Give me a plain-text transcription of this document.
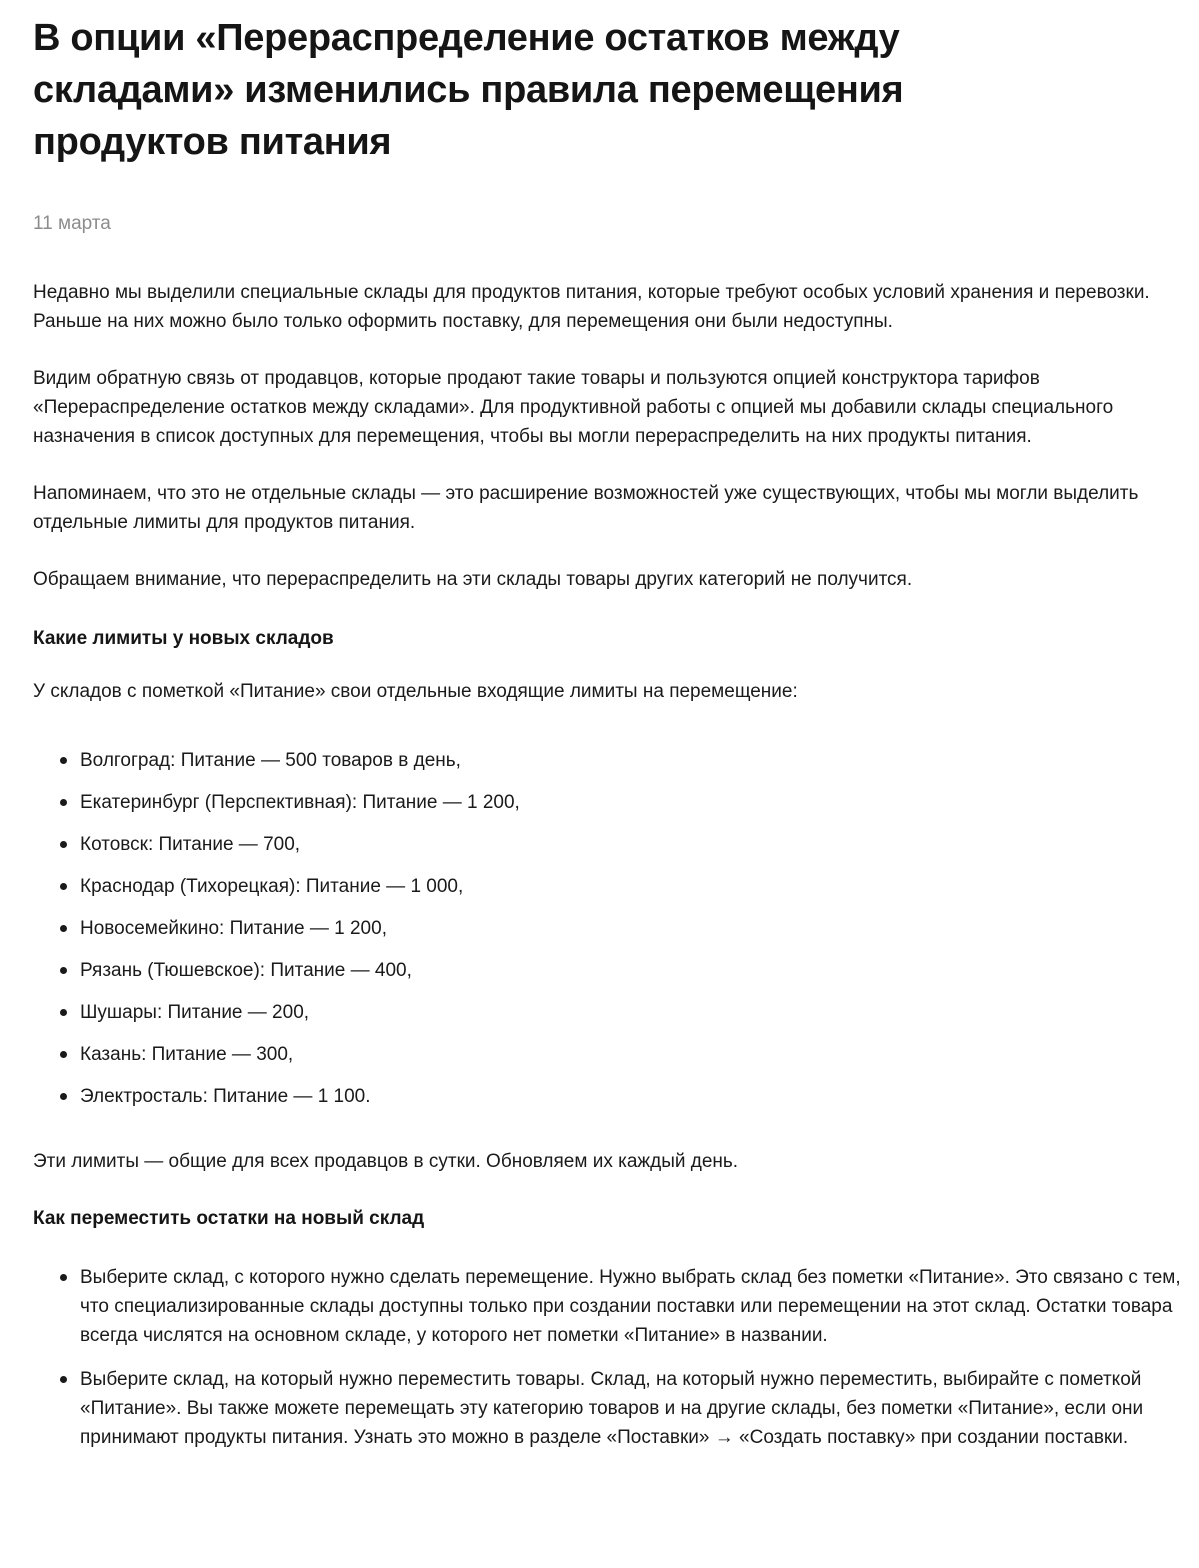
В опции «Перераспределение остатков между складами» изменились правила перемещения продуктов питания
11 марта

Недавно мы выделили специальные склады для продуктов питания, которые требуют особых условий хранения и перевозки. Раньше на них можно было только оформить поставку, для перемещения они были недоступны.

Видим обратную связь от продавцов, которые продают такие товары и пользуются опцией конструктора тарифов «Перераспределение остатков между складами». Для продуктивной работы с опцией мы добавили склады специального назначения в список доступных для перемещения, чтобы вы могли перераспределить на них продукты питания.

Напоминаем, что это не отдельные склады — это расширение возможностей уже существующих, чтобы мы могли выделить отдельные лимиты для продуктов питания.

Обращаем внимание, что перераспределить на эти склады товары других категорий не получится.

Какие лимиты у новых складов

У складов с пометкой «Питание» свои отдельные входящие лимиты на перемещение:

Волгоград: Питание — 500 товаров в день,
Екатеринбург (Перспективная): Питание — 1 200,
Котовск: Питание — 700,
Краснодар (Тихорецкая): Питание — 1 000,
Новосемейкино: Питание — 1 200,
Рязань (Тюшевское): Питание — 400,
Шушары: Питание — 200,
Казань: Питание — 300,
Электросталь: Питание — 1 100.

Эти лимиты — общие для всех продавцов в сутки. Обновляем их каждый день.

Как переместить остатки на новый склад
Выберите склад, с которого нужно сделать перемещение. Нужно выбрать склад без пометки «Питание». Это связано с тем, что специализированные склады доступны только при создании поставки или перемещении на этот склад. Остатки товара всегда числятся на основном складе, у которого нет пометки «Питание» в названии.
Выберите склад, на который нужно переместить товары. Склад, на который нужно переместить, выбирайте с пометкой «Питание». Вы также можете перемещать эту категорию товаров и на другие склады, без пометки «Питание», если они принимают продукты питания. Узнать это можно в разделе «Поставки» → «Создать поставку» при создании поставки.
